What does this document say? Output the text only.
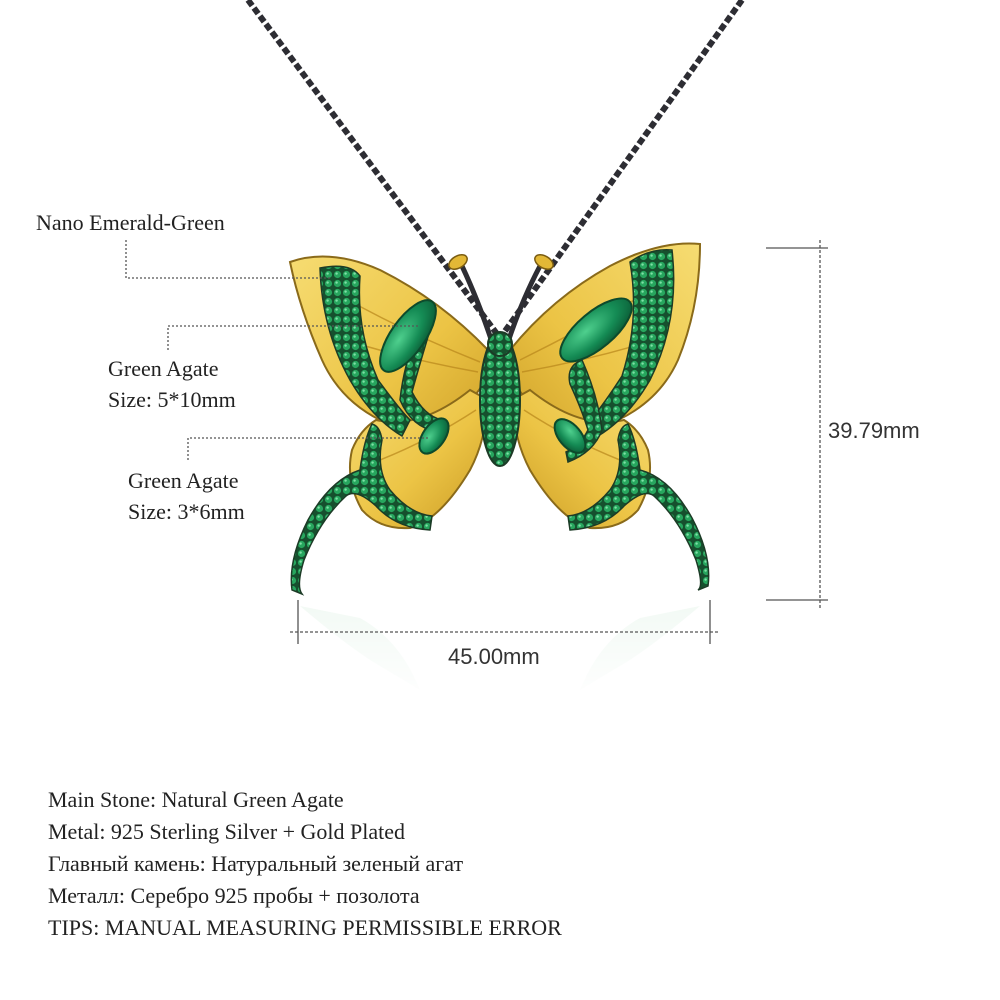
Nano Emerald-Green
Green Agate
Size: 5*10mm
Green Agate
Size: 3*6mm
39.79mm
45.00mm
Main Stone: Natural Green Agate
Metal: 925 Sterling Silver + Gold Plated
Главный камень: Натуральный зеленый агат
Металл: Серебро 925 пробы + позолота
TIPS: MANUAL MEASURING PERMISSIBLE ERROR
